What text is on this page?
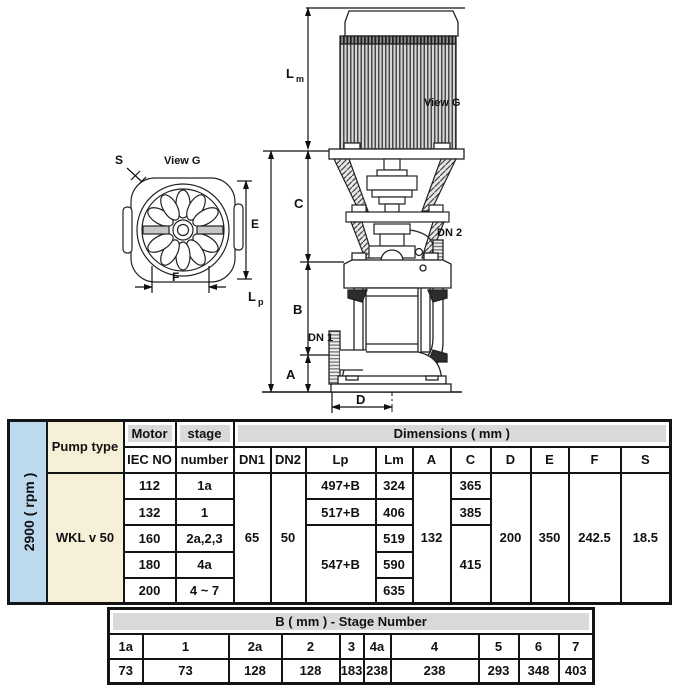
L m
C
L p B
A
D
DN 1
DN 2
View G
View G
S
E
F
2900 ( rpm )	Pump type	Motor	stage	Dimensions ( mm )									

		IEC NO	number	DN1	DN2	Lp	Lm	A	C	D	E	F	S
	WKL v 50	112	1a	65	50	497+B	324	132	365	200	350	242.5	18.5
		132	1			517+B	406		385				
		160	2a,2,3			547+B	519		415				
		180	4a				590						
		200	4 ~ 7				635						
B ( mm ) - Stage Number									

1a	1	2a	2	3	4a	4	5	6	7
73	73	128	128	183	238	238	293	348	403
